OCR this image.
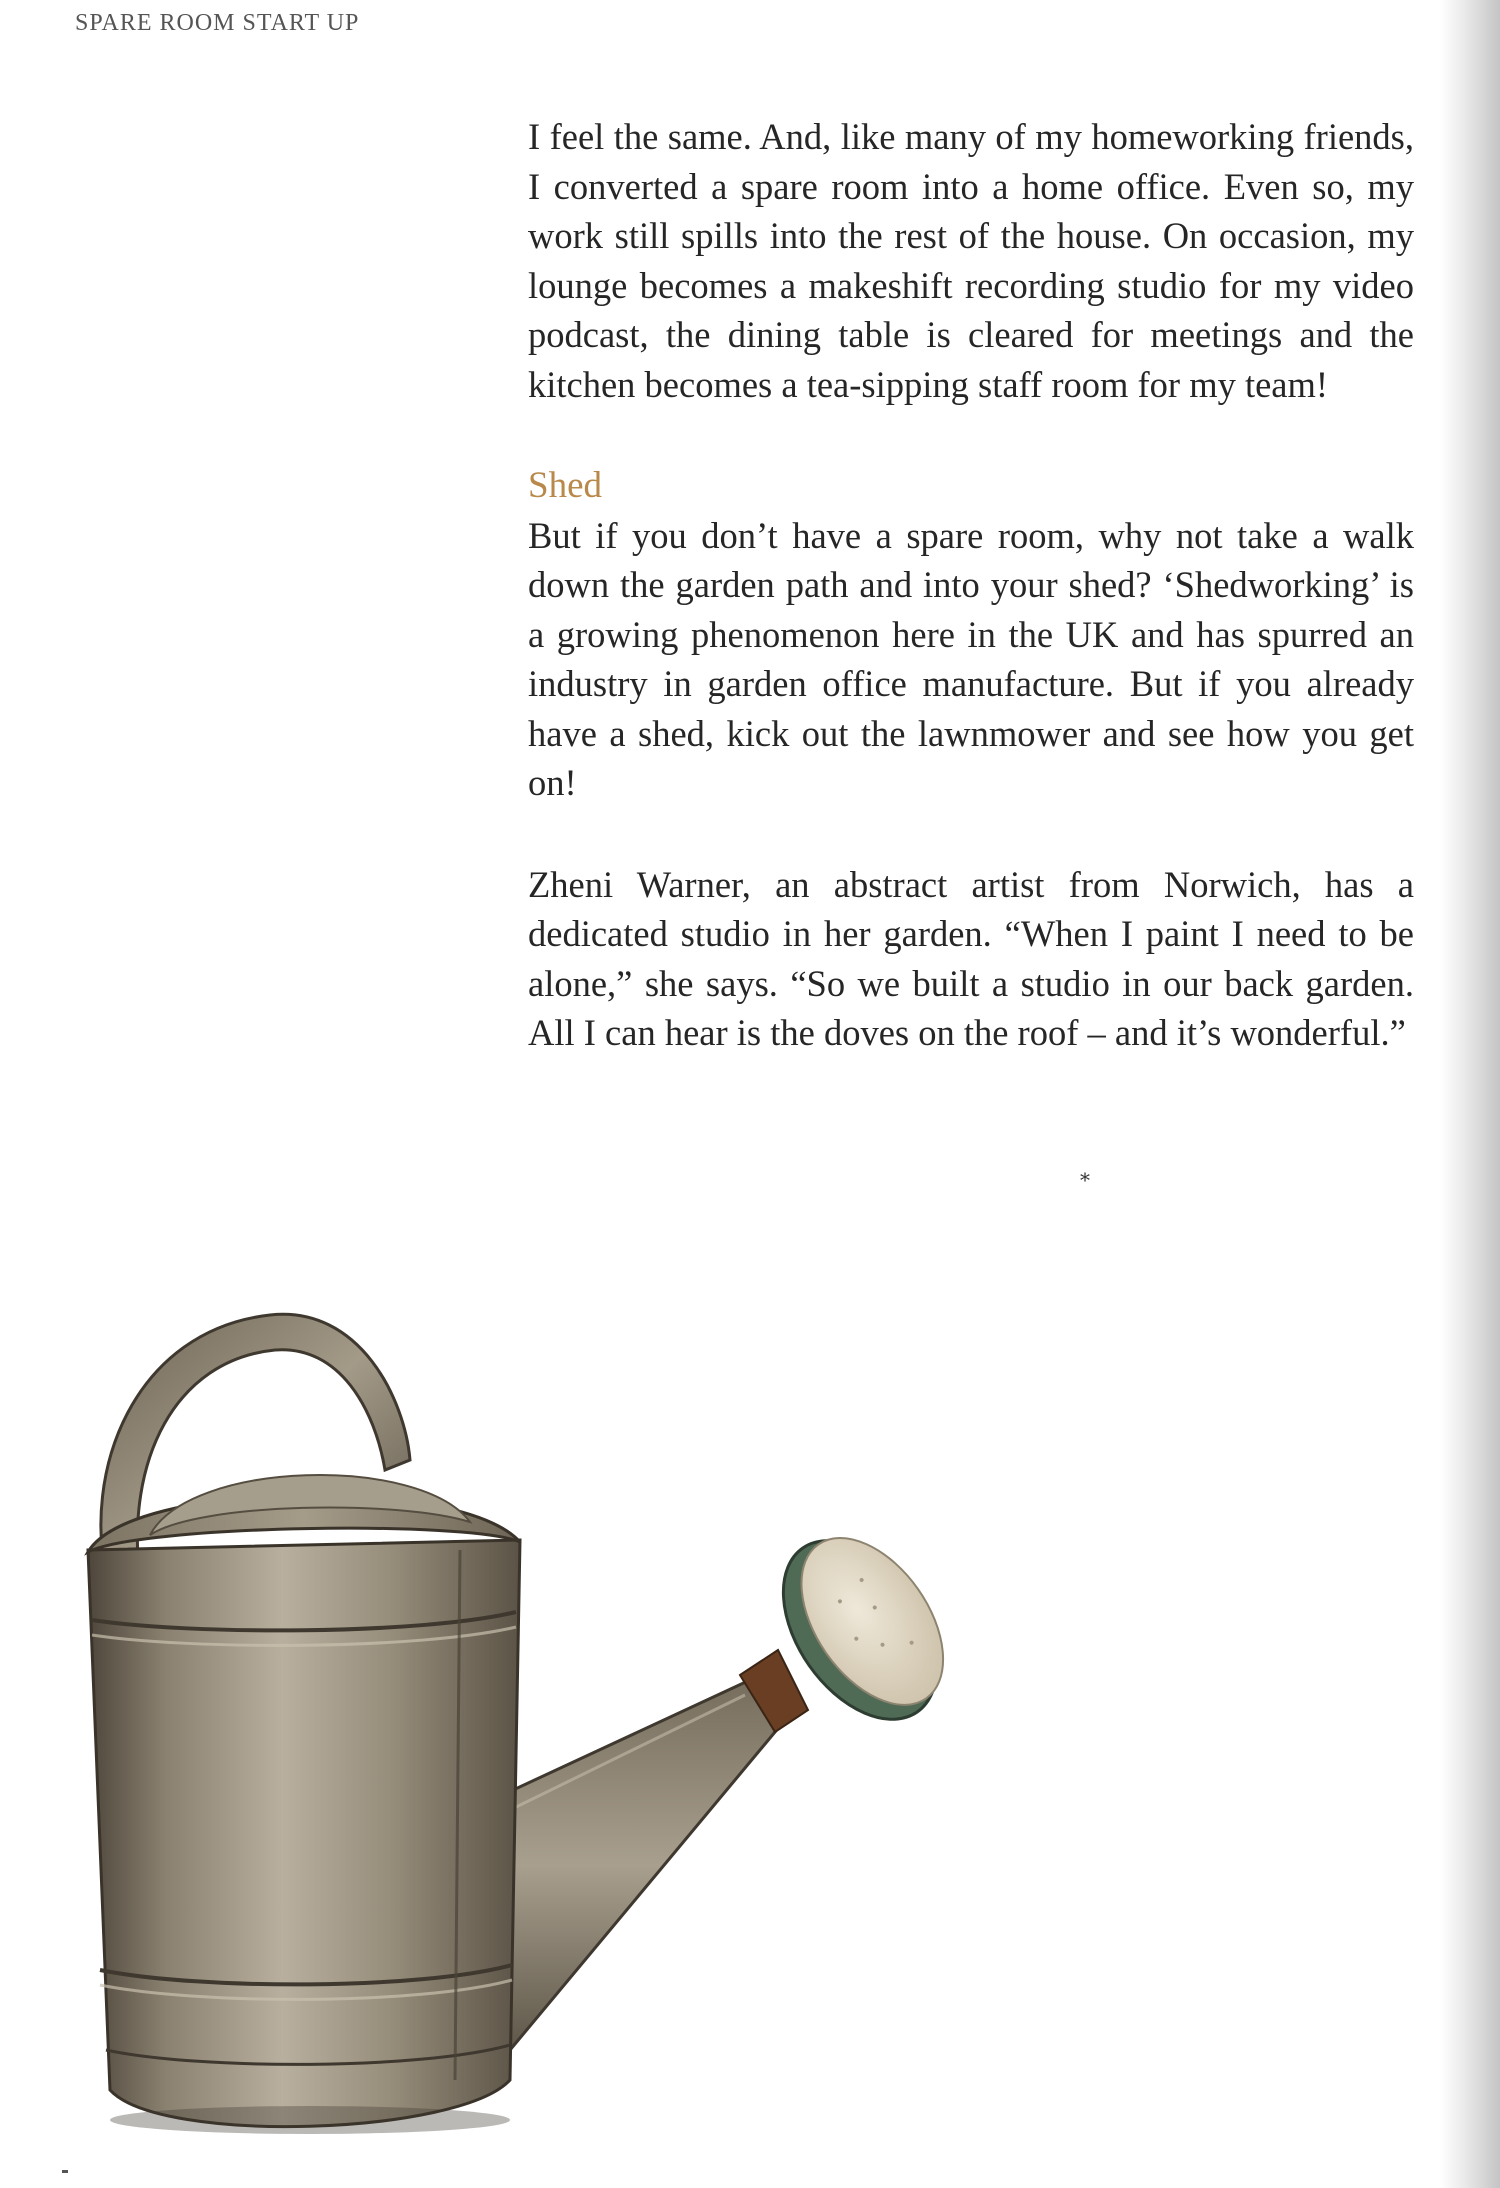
SPARE ROOM START UP

I feel the same. And, like many of my homeworking friends, I converted a spare room into a home office. Even so, my work still spills into the rest of the house. On occasion, my lounge becomes a makeshift recording studio for my video podcast, the dining table is cleared for meetings and the kitchen becomes a tea-sipping staff room for my team!

Shed

But if you don’t have a spare room, why not take a walk down the garden path and into your shed? ‘Shedworking’ is a growing phenomenon here in the UK and has spurred an industry in garden office manufacture. But if you already have a shed, kick out the lawnmower and see how you get on!

Zheni Warner, an abstract artist from Norwich, has a dedicated studio in her garden. “When I paint I need to be alone,” she says. “So we built a studio in our back garden. All I can hear is the doves on the roof – and it’s wonderful.”

*
